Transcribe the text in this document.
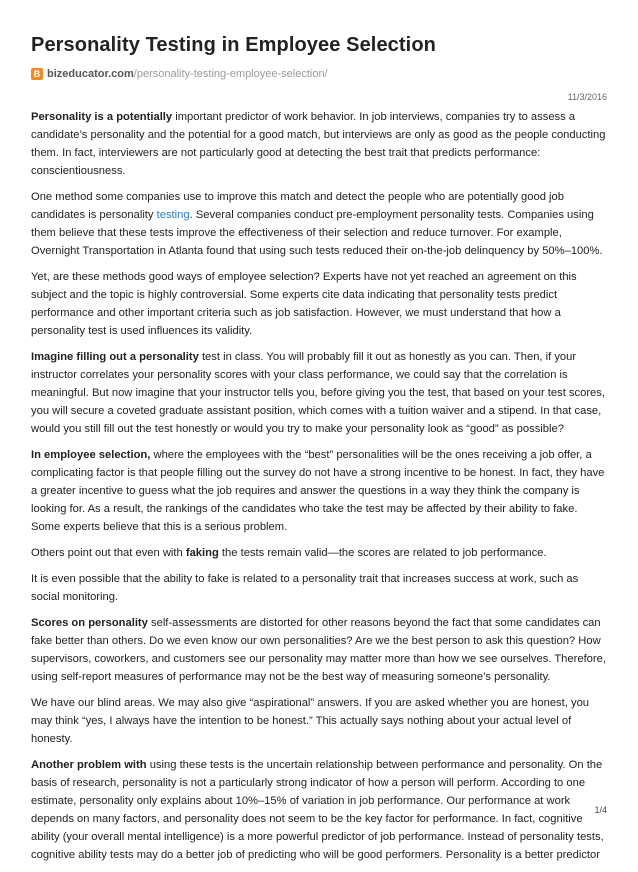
Personality Testing in Employee Selection
B bizeducator.com /personality-testing-employee-selection/
11/3/2016

Personality is a potentially important predictor of work behavior. In job interviews, companies try to assess a candidate’s personality and the potential for a good match, but interviews are only as good as the people conducting them. In fact, interviewers are not particularly good at detecting the best trait that predicts performance: conscientiousness.

One method some companies use to improve this match and detect the people who are potentially good job candidates is personality testing. Several companies conduct pre-employment personality tests. Companies using them believe that these tests improve the effectiveness of their selection and reduce turnover. For example, Overnight Transportation in Atlanta found that using such tests reduced their on-the-job delinquency by 50%–100%.

Yet, are these methods good ways of employee selection? Experts have not yet reached an agreement on this subject and the topic is highly controversial. Some experts cite data indicating that personality tests predict performance and other important criteria such as job satisfaction. However, we must understand that how a personality test is used influences its validity.

Imagine filling out a personality test in class. You will probably fill it out as honestly as you can. Then, if your instructor correlates your personality scores with your class performance, we could say that the correlation is meaningful. But now imagine that your instructor tells you, before giving you the test, that based on your test scores, you will secure a coveted graduate assistant position, which comes with a tuition waiver and a stipend. In that case, would you still fill out the test honestly or would you try to make your personality look as “good” as possible?

In employee selection, where the employees with the “best” personalities will be the ones receiving a job offer, a complicating factor is that people filling out the survey do not have a strong incentive to be honest. In fact, they have a greater incentive to guess what the job requires and answer the questions in a way they think the company is looking for. As a result, the rankings of the candidates who take the test may be affected by their ability to fake. Some experts believe that this is a serious problem.

Others point out that even with faking the tests remain valid—the scores are related to job performance.

It is even possible that the ability to fake is related to a personality trait that increases success at work, such as social monitoring.

Scores on personality self-assessments are distorted for other reasons beyond the fact that some candidates can fake better than others. Do we even know our own personalities? Are we the best person to ask this question? How supervisors, coworkers, and customers see our personality may matter more than how we see ourselves. Therefore, using self-report measures of performance may not be the best way of measuring someone’s personality.

We have our blind areas. We may also give “aspirational” answers. If you are asked whether you are honest, you may think “yes, I always have the intention to be honest.” This actually says nothing about your actual level of honesty.

Another problem with using these tests is the uncertain relationship between performance and personality. On the basis of research, personality is not a particularly strong indicator of how a person will perform. According to one estimate, personality only explains about 10%–15% of variation in job performance. Our performance at work depends on many factors, and personality does not seem to be the key factor for performance. In fact, cognitive ability (your overall mental intelligence) is a more powerful predictor of job performance. Instead of personality tests, cognitive ability tests may do a better job of predicting who will be good performers. Personality is a better predictor

1/4
